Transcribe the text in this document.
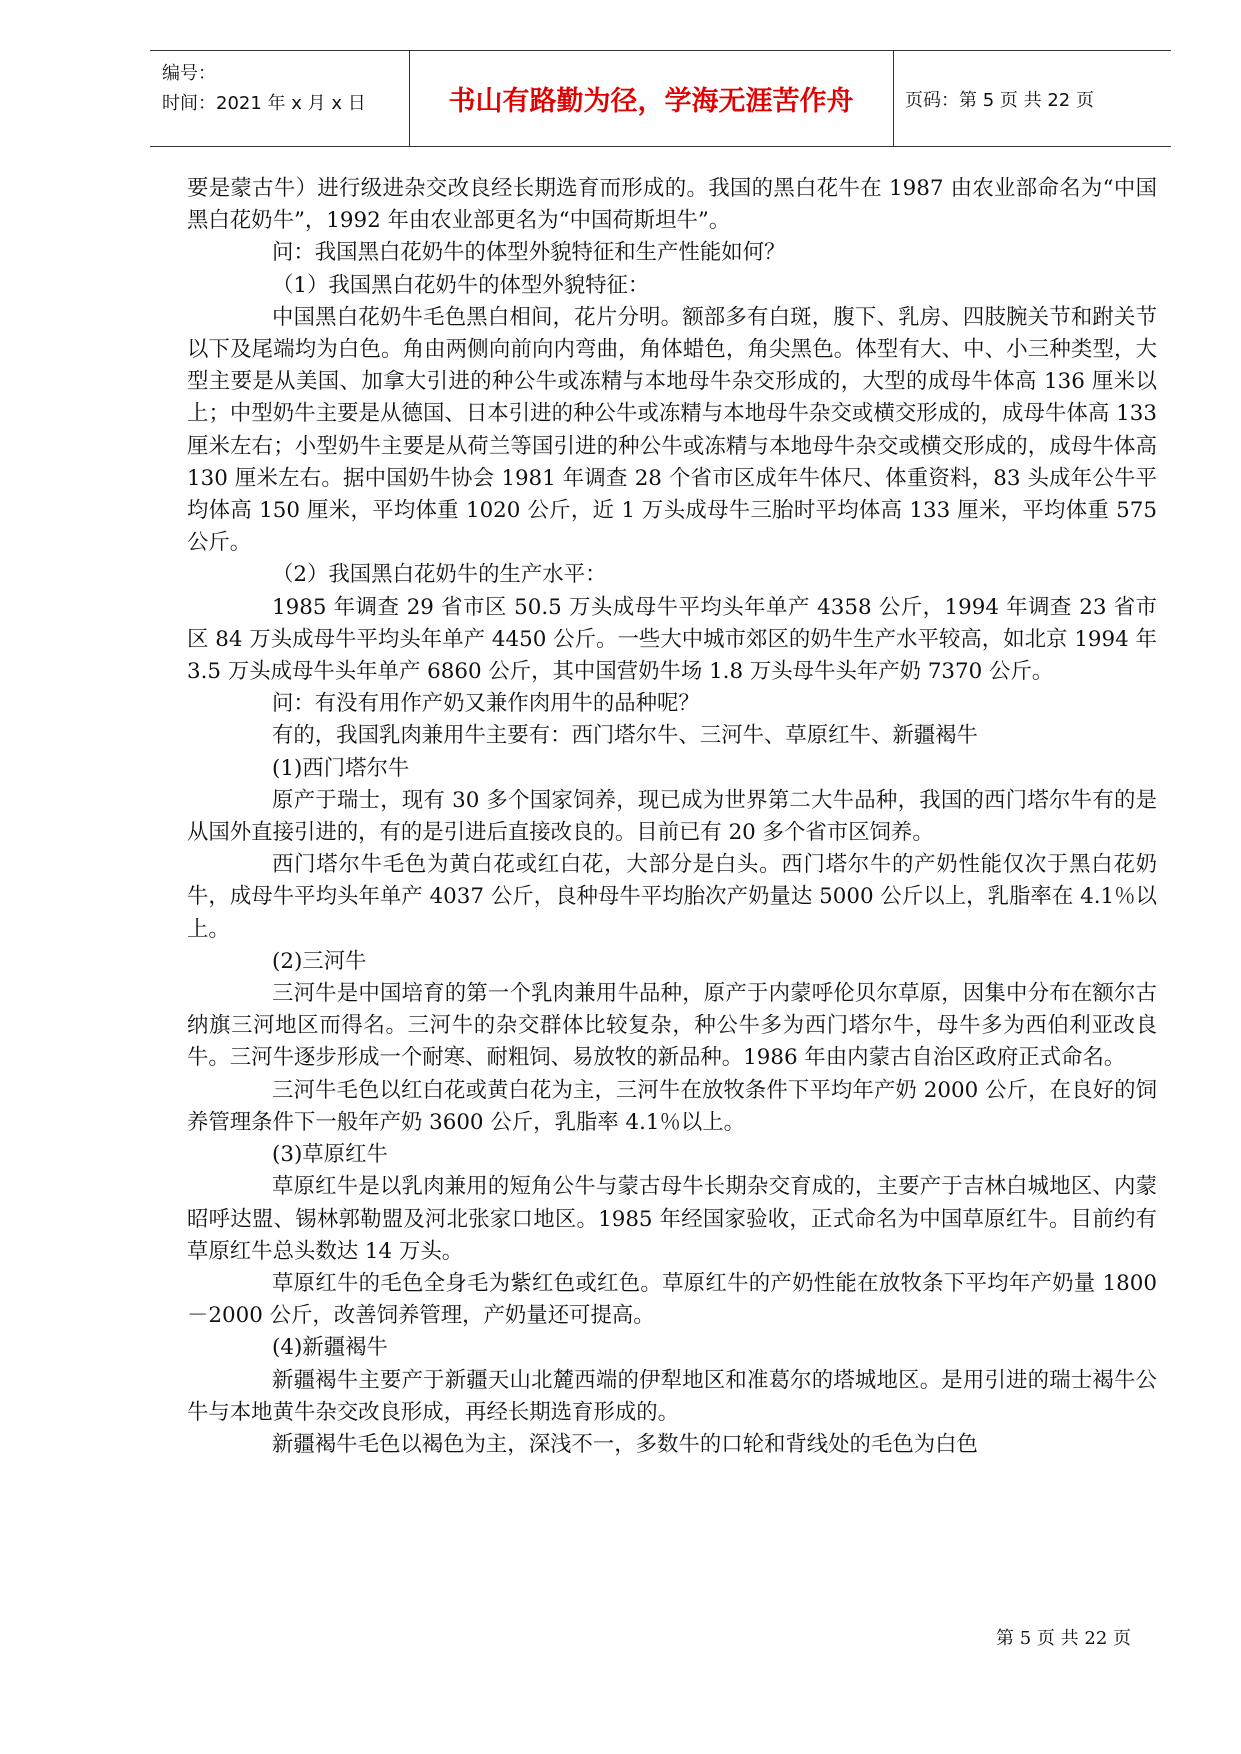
编号：
时间：2021 年 x 月 x 日	书山有路勤为径，学海无涯苦作舟	页码：第 5 页 共 22 页

要是蒙古牛）进行级进杂交改良经长期选育而形成的。我国的黑白花牛在 1987 由农业部命名为“中国黑白花奶牛”，1992 年由农业部更名为“中国荷斯坦牛”。

问：我国黑白花奶牛的体型外貌特征和生产性能如何？

（1）我国黑白花奶牛的体型外貌特征：

中国黑白花奶牛毛色黑白相间，花片分明。额部多有白斑，腹下、乳房、四肢腕关节和跗关节以下及尾端均为白色。角由两侧向前向内弯曲，角体蜡色，角尖黑色。体型有大、中、小三种类型，大型主要是从美国、加拿大引进的种公牛或冻精与本地母牛杂交形成的，大型的成母牛体高 136 厘米以上；中型奶牛主要是从德国、日本引进的种公牛或冻精与本地母牛杂交或横交形成的，成母牛体高 133 厘米左右；小型奶牛主要是从荷兰等国引进的种公牛或冻精与本地母牛杂交或横交形成的，成母牛体高 130 厘米左右。据中国奶牛协会 1981 年调查 28 个省市区成年牛体尺、体重资料，83 头成年公牛平均体高 150 厘米，平均体重 1020 公斤，近 1 万头成母牛三胎时平均体高 133 厘米，平均体重 575 公斤。

（2）我国黑白花奶牛的生产水平：

1985 年调查 29 省市区 50.5 万头成母牛平均头年单产 4358 公斤，1994 年调查 23 省市区 84 万头成母牛平均头年单产 4450 公斤。一些大中城市郊区的奶牛生产水平较高，如北京 1994 年 3.5 万头成母牛头年单产 6860 公斤，其中国营奶牛场 1.8 万头母牛头年产奶 7370 公斤。

问：有没有用作产奶又兼作肉用牛的品种呢？

有的，我国乳肉兼用牛主要有：西门塔尔牛、三河牛、草原红牛、新疆褐牛

(1)西门塔尔牛

原产于瑞士，现有 30 多个国家饲养，现已成为世界第二大牛品种，我国的西门塔尔牛有的是从国外直接引进的，有的是引进后直接改良的。目前已有 20 多个省市区饲养。

西门塔尔牛毛色为黄白花或红白花，大部分是白头。西门塔尔牛的产奶性能仅次于黑白花奶牛，成母牛平均头年单产 4037 公斤，良种母牛平均胎次产奶量达 5000 公斤以上，乳脂率在 4.1％以上。

(2)三河牛

三河牛是中国培育的第一个乳肉兼用牛品种，原产于内蒙呼伦贝尔草原，因集中分布在额尔古纳旗三河地区而得名。三河牛的杂交群体比较复杂，种公牛多为西门塔尔牛，母牛多为西伯利亚改良牛。三河牛逐步形成一个耐寒、耐粗饲、易放牧的新品种。1986 年由内蒙古自治区政府正式命名。

三河牛毛色以红白花或黄白花为主，三河牛在放牧条件下平均年产奶 2000 公斤，在良好的饲养管理条件下一般年产奶 3600 公斤，乳脂率 4.1％以上。

(3)草原红牛

草原红牛是以乳肉兼用的短角公牛与蒙古母牛长期杂交育成的，主要产于吉林白城地区、内蒙昭呼达盟、锡林郭勒盟及河北张家口地区。1985 年经国家验收，正式命名为中国草原红牛。目前约有草原红牛总头数达 14 万头。

草原红牛的毛色全身毛为紫红色或红色。草原红牛的产奶性能在放牧条下平均年产奶量 1800－2000 公斤，改善饲养管理，产奶量还可提高。

(4)新疆褐牛

新疆褐牛主要产于新疆天山北麓西端的伊犁地区和准葛尔的塔城地区。是用引进的瑞士褐牛公牛与本地黄牛杂交改良形成，再经长期选育形成的。

新疆褐牛毛色以褐色为主，深浅不一，多数牛的口轮和背线处的毛色为白色

第 5 页 共 22 页
